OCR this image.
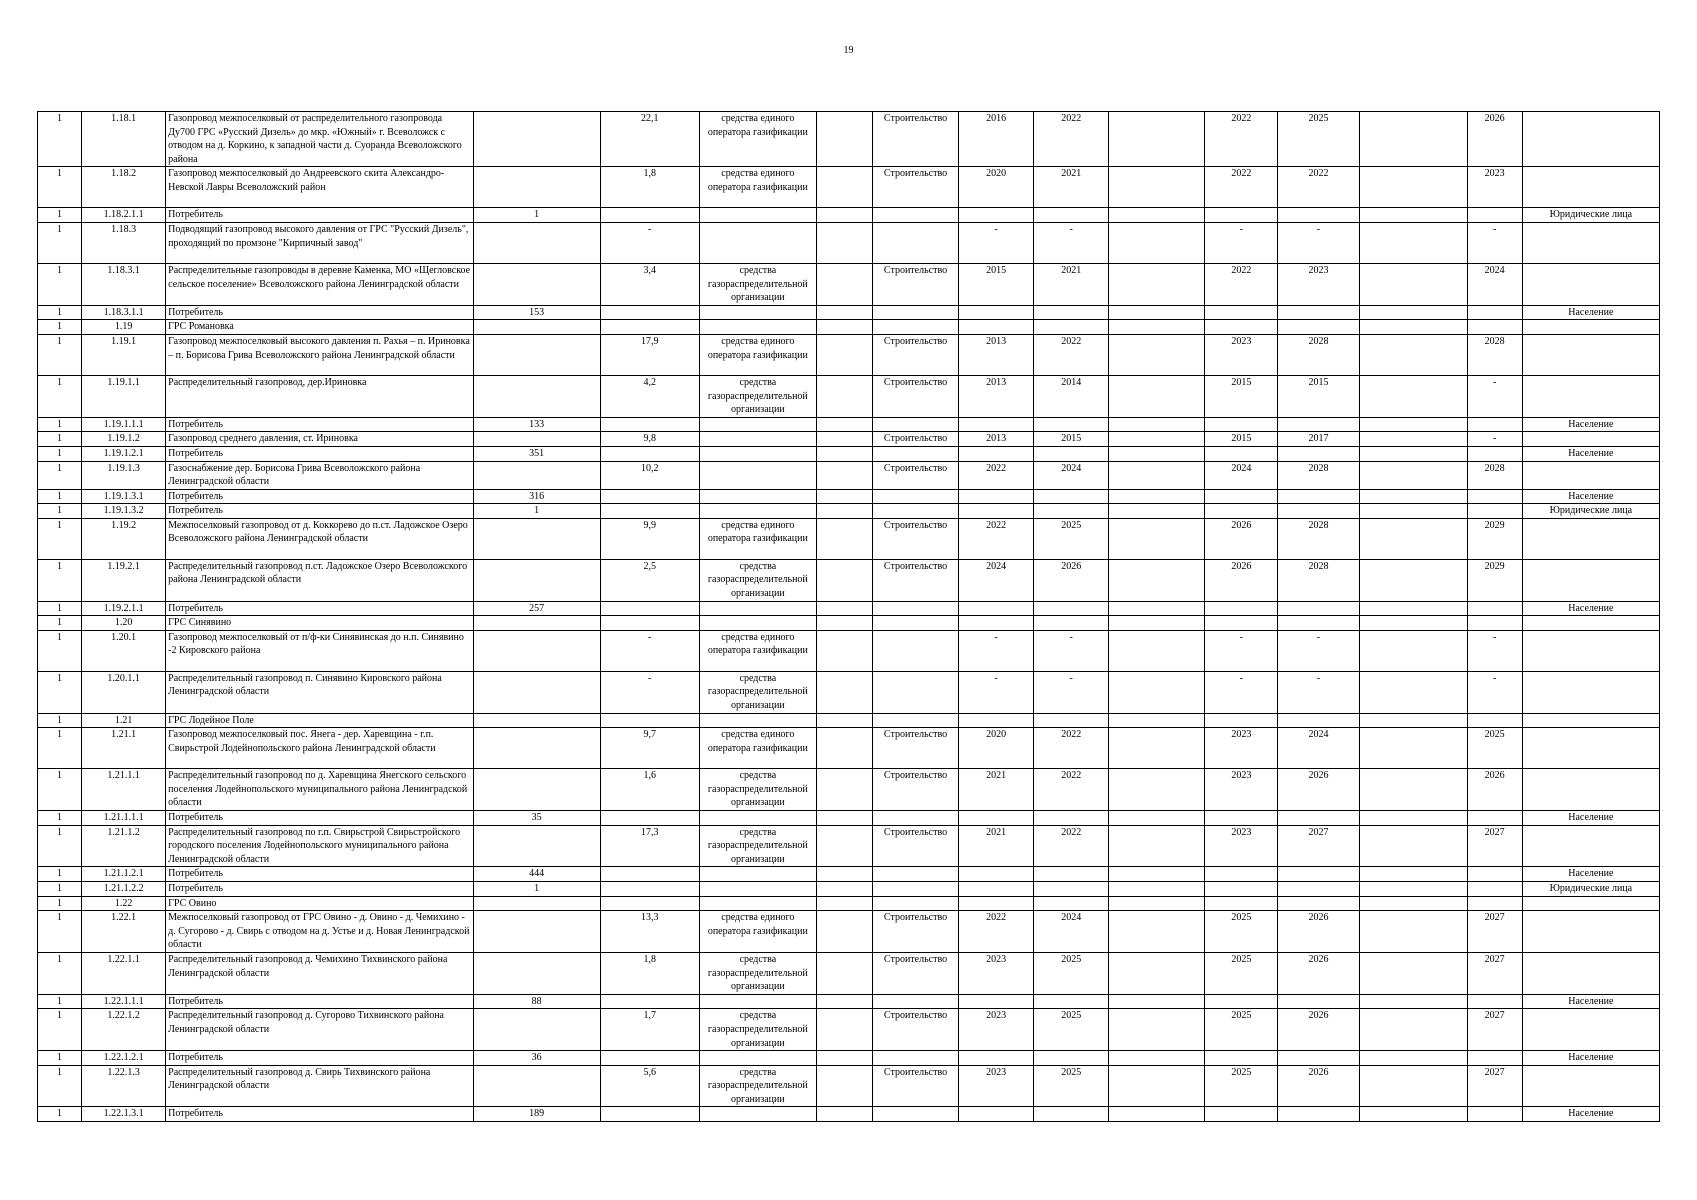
19
1	1.18.1	Газопровод межпоселковый от распределительного газопровода Ду700 ГРС «Русский Дизель» до мкр. «Южный» г. Всеволожск с отводом на д. Коркино, к западной части д. Суоранда Всеволожского района		22,1	средства единого оператора газификации		Строительство	2016	2022		2022	2025		2026	
1	1.18.2	Газопровод межпоселковый до Андреевского скита Александро-Невской Лавры Всеволожский район		1,8	средства единого оператора газификации		Строительство	2020	2021		2022	2022		2023	
1	1.18.2.1.1	Потребитель	1												Юридические лица
1	1.18.3	Подводящий газопровод высокого давления от ГРС "Русский Дизель", проходящий по промзоне "Кирпичный завод"		-				-	-		-	-		-	
1	1.18.3.1	Распределительные газопроводы в деревне Каменка, МО «Щегловское сельское поселение» Всеволожского района Ленинградской области		3,4	средства газораспределительной организации		Строительство	2015	2021		2022	2023		2024	
1	1.18.3.1.1	Потребитель	153												Население
1	1.19	ГРС Романовка													
1	1.19.1	Газопровод межпоселковый высокого давления п. Рахья – п. Ириновка – п. Борисова Грива Всеволожского района Ленинградской области		17,9	средства единого оператора газификации		Строительство	2013	2022		2023	2028		2028	
1	1.19.1.1	Распределительный газопровод, дер.Ириновка		4,2	средства газораспределительной организации		Строительство	2013	2014		2015	2015		-	
1	1.19.1.1.1	Потребитель	133												Население
1	1.19.1.2	Газопровод среднего давления, ст. Ириновка		9,8			Строительство	2013	2015		2015	2017		-	
1	1.19.1.2.1	Потребитель	351												Население
1	1.19.1.3	Газоснабжение дер. Борисова Грива Всеволожского района Ленинградской области		10,2			Строительство	2022	2024		2024	2028		2028	
1	1.19.1.3.1	Потребитель	316												Население
1	1.19.1.3.2	Потребитель	1												Юридические лица
1	1.19.2	Межпоселковый газопровод от д. Коккорево до п.ст. Ладожское Озеро Всеволожского района Ленинградской области		9,9	средства единого оператора газификации		Строительство	2022	2025		2026	2028		2029	
1	1.19.2.1	Распределительный газопровод п.ст. Ладожское Озеро Всеволожского района Ленинградской области		2,5	средства газораспределительной организации		Строительство	2024	2026		2026	2028		2029	
1	1.19.2.1.1	Потребитель	257												Население
1	1.20	ГРС Синявино													
1	1.20.1	Газопровод межпоселковый от п/ф-ки Синявинская до н.п. Синявино -2 Кировского района		-	средства единого оператора газификации			-	-		-	-		-	
1	1.20.1.1	Распределительный газопровод п. Синявино Кировского района Ленинградской области		-	средства газораспределительной организации			-	-		-	-		-	
1	1.21	ГРС Лодейное Поле													
1	1.21.1	Газопровод межпоселковый пос. Янега - дер. Харевщина - г.п. Свирьстрой Лодейнопольского района Ленинградской области		9,7	средства единого оператора газификации		Строительство	2020	2022		2023	2024		2025	
1	1.21.1.1	Распределительный газопровод по д. Харевщина Янегского сельского поселения Лодейнопольского муниципального района Ленинградской области		1,6	средства газораспределительной организации		Строительство	2021	2022		2023	2026		2026	
1	1.21.1.1.1	Потребитель	35												Население
1	1.21.1.2	Распределительный газопровод по г.п. Свирьстрой Свирьстройского городского поселения Лодейнопольского муниципального района Ленинградской области		17,3	средства газораспределительной организации		Строительство	2021	2022		2023	2027		2027	
1	1.21.1.2.1	Потребитель	444												Население
1	1.21.1.2.2	Потребитель	1												Юридические лица
1	1.22	ГРС Овино													
1	1.22.1	Межпоселковый газопровод от ГРС Овино - д. Овино - д. Чемихино - д. Сугорово - д. Свирь с отводом на д. Устье и д. Новая Ленинградской области		13,3	средства единого оператора газификации		Строительство	2022	2024		2025	2026		2027	
1	1.22.1.1	Распределительный газопровод д. Чемихино Тихвинского района Ленинградской области		1,8	средства газораспределительной организации		Строительство	2023	2025		2025	2026		2027	
1	1.22.1.1.1	Потребитель	88												Население
1	1.22.1.2	Распределительный газопровод д. Сугорово Тихвинского района Ленинградской области		1,7	средства газораспределительной организации		Строительство	2023	2025		2025	2026		2027	
1	1.22.1.2.1	Потребитель	36												Население
1	1.22.1.3	Распределительный газопровод д. Свирь Тихвинского района Ленинградской области		5,6	средства газораспределительной организации		Строительство	2023	2025		2025	2026		2027	
1	1.22.1.3.1	Потребитель	189												Население
